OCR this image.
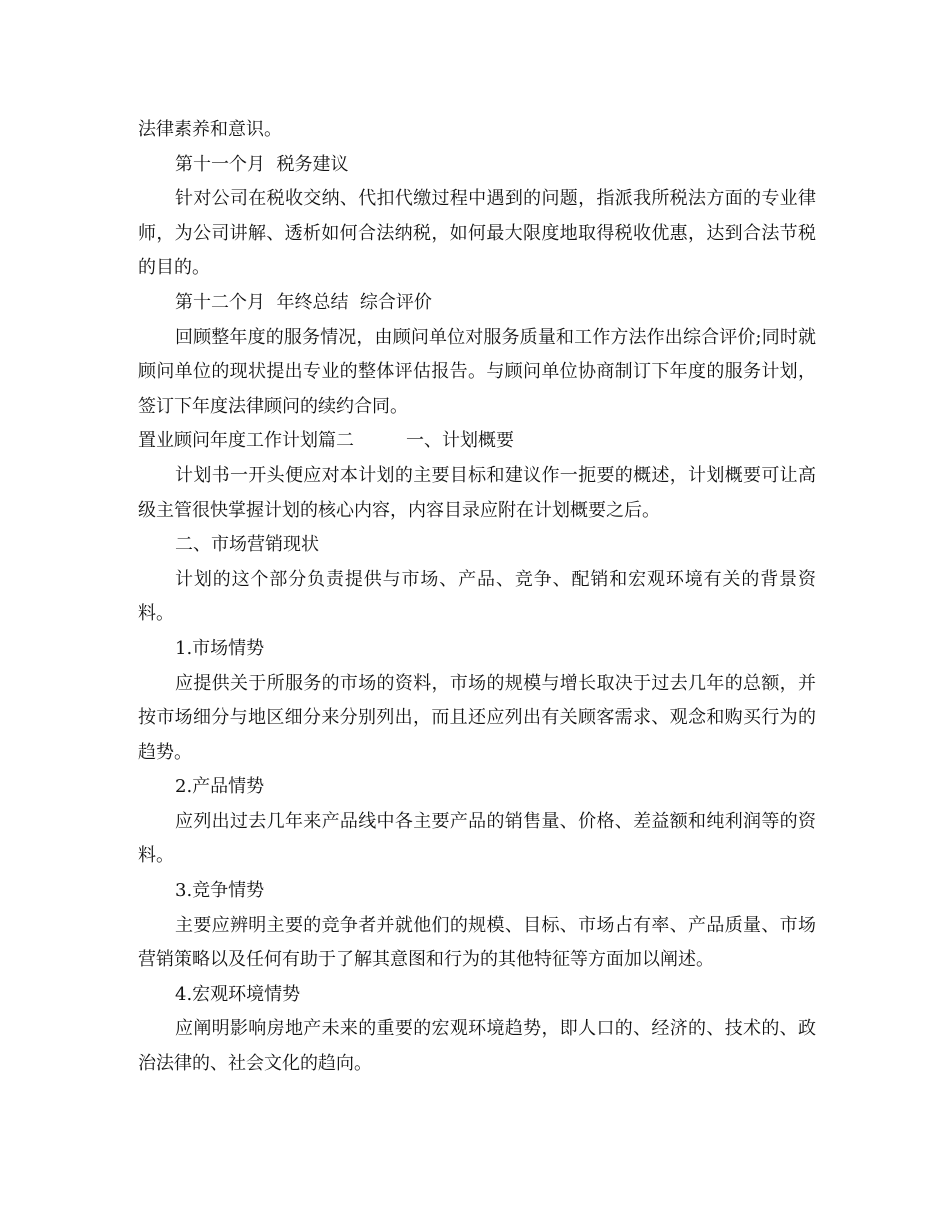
法律素养和意识。
第十一个月  税务建议
针对公司在税收交纳、代扣代缴过程中遇到的问题，指派我所税法方面的专业律师，为公司讲解、透析如何合法纳税，如何最大限度地取得税收优惠，达到合法节税的目的。
第十二个月  年终总结  综合评价
回顾整年度的服务情况，由顾问单位对服务质量和工作方法作出综合评价;同时就顾问单位的现状提出专业的整体评估报告。与顾问单位协商制订下年度的服务计划，签订下年度法律顾问的续约合同。
置业顾问年度工作计划篇二	一、计划概要
计划书一开头便应对本计划的主要目标和建议作一扼要的概述，计划概要可让高级主管很快掌握计划的核心内容，内容目录应附在计划概要之后。
二、市场营销现状
计划的这个部分负责提供与市场、产品、竞争、配销和宏观环境有关的背景资料。
1.市场情势
应提供关于所服务的市场的资料，市场的规模与增长取决于过去几年的总额，并按市场细分与地区细分来分别列出，而且还应列出有关顾客需求、观念和购买行为的趋势。
2.产品情势
应列出过去几年来产品线中各主要产品的销售量、价格、差益额和纯利润等的资料。
3.竞争情势
主要应辨明主要的竞争者并就他们的规模、目标、市场占有率、产品质量、市场营销策略以及任何有助于了解其意图和行为的其他特征等方面加以阐述。
4.宏观环境情势
应阐明影响房地产未来的重要的宏观环境趋势，即人口的、经济的、技术的、政治法律的、社会文化的趋向。
